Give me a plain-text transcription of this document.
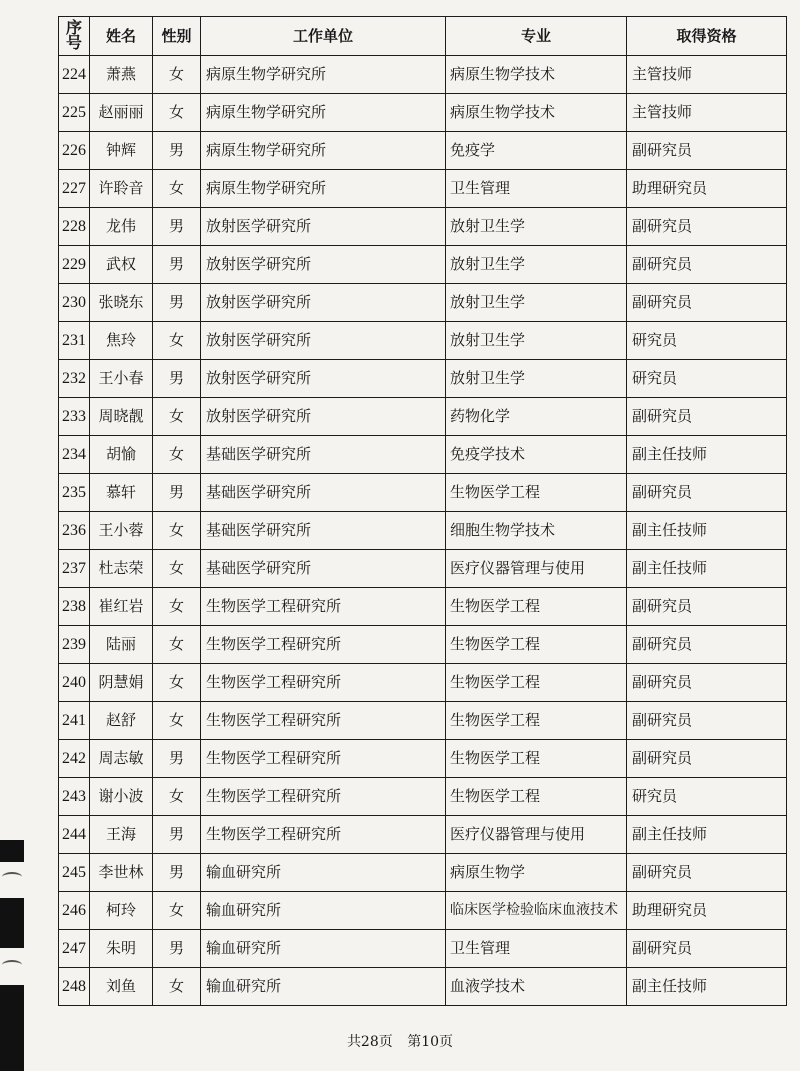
序号	姓名	性别	工作单位	专业	取得资格
224	萧燕	女	病原生物学研究所	病原生物学技术	主管技师
225	赵丽丽	女	病原生物学研究所	病原生物学技术	主管技师
226	钟辉	男	病原生物学研究所	免疫学	副研究员
227	许聆音	女	病原生物学研究所	卫生管理	助理研究员
228	龙伟	男	放射医学研究所	放射卫生学	副研究员
229	武权	男	放射医学研究所	放射卫生学	副研究员
230	张晓东	男	放射医学研究所	放射卫生学	副研究员
231	焦玲	女	放射医学研究所	放射卫生学	研究员
232	王小春	男	放射医学研究所	放射卫生学	研究员
233	周晓靓	女	放射医学研究所	药物化学	副研究员
234	胡愉	女	基础医学研究所	免疫学技术	副主任技师
235	慕轩	男	基础医学研究所	生物医学工程	副研究员
236	王小蓉	女	基础医学研究所	细胞生物学技术	副主任技师
237	杜志荣	女	基础医学研究所	医疗仪器管理与使用	副主任技师
238	崔红岩	女	生物医学工程研究所	生物医学工程	副研究员
239	陆丽	女	生物医学工程研究所	生物医学工程	副研究员
240	阴慧娟	女	生物医学工程研究所	生物医学工程	副研究员
241	赵舒	女	生物医学工程研究所	生物医学工程	副研究员
242	周志敏	男	生物医学工程研究所	生物医学工程	副研究员
243	谢小波	女	生物医学工程研究所	生物医学工程	研究员
244	王海	男	生物医学工程研究所	医疗仪器管理与使用	副主任技师
245	李世林	男	输血研究所	病原生物学	副研究员
246	柯玲	女	输血研究所	临床医学检验临床血液技术	助理研究员
247	朱明	男	输血研究所	卫生管理	副研究员
248	刘鱼	女	输血研究所	血液学技术	副主任技师
共28页 第10页
